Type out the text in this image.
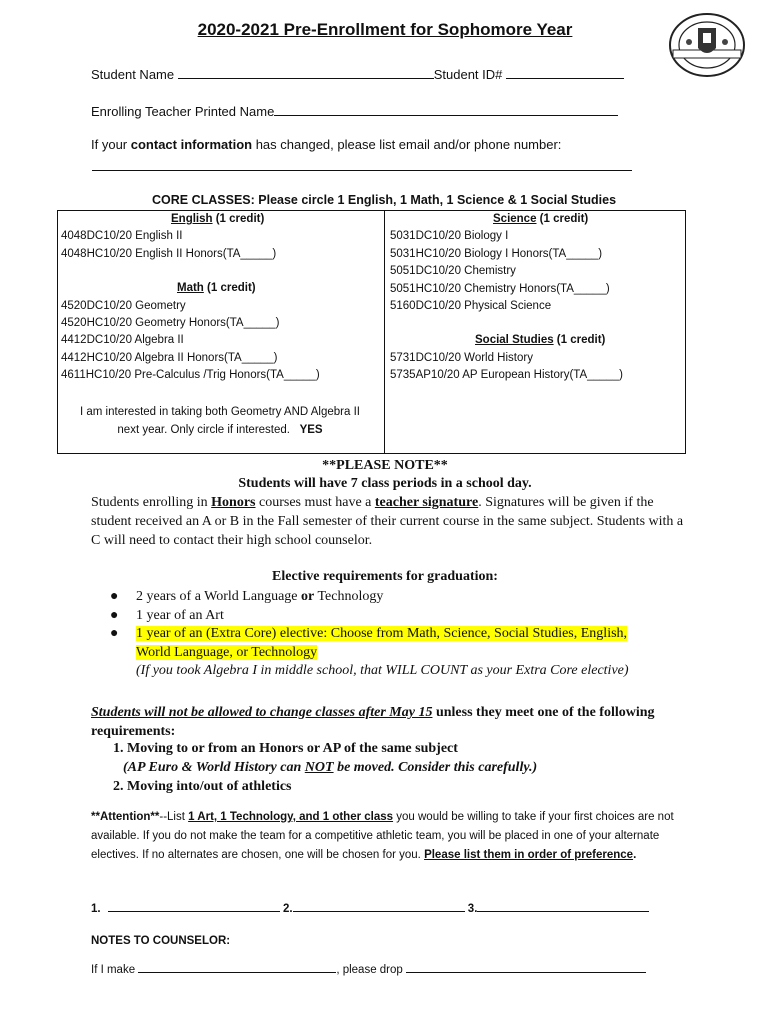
2020-2021 Pre-Enrollment for Sophomore Year
Student Name	Student ID#
Enrolling Teacher Printed Name
If your contact information has changed, please list email and/or phone number:
CORE CLASSES: Please circle 1 English, 1 Math, 1 Science & 1 Social Studies
English (1 credit)
4048DC10/20 English II
4048HC10/20 English II Honors(TA_____)
Math (1 credit)
4520DC10/20 Geometry
4520HC10/20 Geometry Honors(TA_____)
4412DC10/20 Algebra II
4412HC10/20 Algebra II Honors(TA_____)
4611HC10/20 Pre-Calculus /Trig Honors(TA_____)
I am interested in taking both Geometry AND Algebra II
next year. Only circle if interested. YES
Science (1 credit)
5031DC10/20 Biology I
5031HC10/20 Biology I Honors(TA_____)
5051DC10/20 Chemistry
5051HC10/20 Chemistry Honors(TA_____)
5160DC10/20 Physical Science
Social Studies (1 credit)
5731DC10/20 World History
5735AP10/20 AP European History(TA_____)
**PLEASE NOTE**
Students will have 7 class periods in a school day.
Students enrolling in Honors courses must have a teacher signature. Signatures will be given if the student received an A or B in the Fall semester of their current course in the same subject. Students with a C will need to contact their high school counselor.
Elective requirements for graduation:
● 2 years of a World Language or Technology
● 1 year of an Art
● 1 year of an (Extra Core) elective: Choose from Math, Science, Social Studies, English,
World Language, or Technology
(If you took Algebra I in middle school, that WILL COUNT as your Extra Core elective)
Students will not be allowed to change classes after May 15 unless they meet one of the following requirements:
1. Moving to or from an Honors or AP of the same subject
(AP Euro & World History can NOT be moved. Consider this carefully.)
2. Moving into/out of athletics
**Attention**--List 1 Art, 1 Technology, and 1 other class you would be willing to take if your first choices are not available. If you do not make the team for a competitive athletic team, you will be placed in one of your alternate electives. If no alternates are chosen, one will be chosen for you. Please list them in order of preference.
1.	2.	3.
NOTES TO COUNSELOR:
If I make	, please drop
